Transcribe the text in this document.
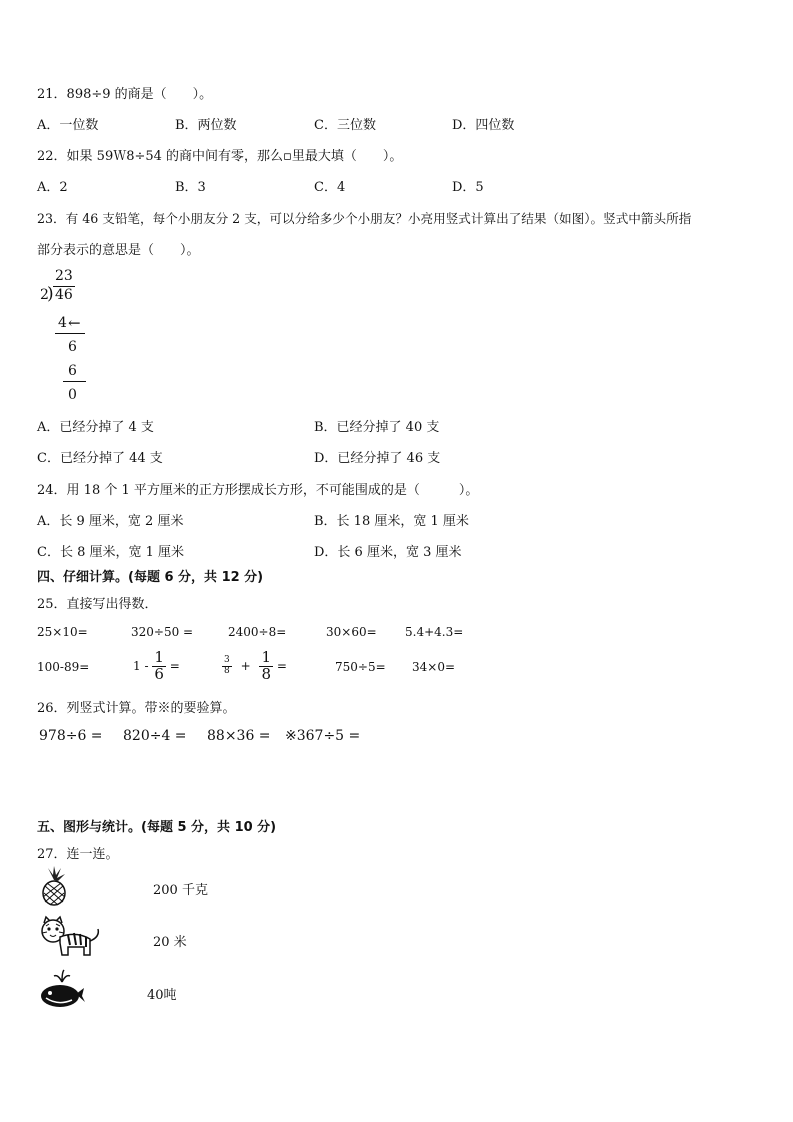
21．898÷9 的商是（　　）。
A．一位数	B．两位数	C．三位数	D．四位数
22．如果 59Ｗ8÷54 的商中间有零，那么▫里最大填（　　）。
A．2	B．3	C．4	D．5
23．有 46 支铅笔，每个小朋友分 2 支，可以分给多少个小朋友？小亮用竖式计算出了结果（如图）。竖式中箭头所指
部分表示的意思是（　　）。
23
2
) 46
4 ←
6
6
0
A．已经分掉了 4 支	B．已经分掉了 40 支
C．已经分掉了 44 支	D．已经分掉了 46 支
24．用 18 个 1 平方厘米的正方形摆成长方形，不可能围成的是（　　　）。
A．长 9 厘米，宽 2 厘米	B．长 18 厘米，宽 1 厘米
C．长 8 厘米，宽 1 厘米	D．长 6 厘米，宽 3 厘米
四、仔细计算。(每题 6 分，共 12 分)
25．直接写出得数．
25×10=	320÷50 =	2400÷8=	30×60= 5.4+4.3=
100-89=	$1 - \frac{1}{6}$ =	$\frac{3}{8} + \frac{1}{8}$ =	750÷5= 34×0=
26．列竖式计算。带※的要验算。
978÷6 = 820÷4 = 88×36 = ※367÷5 =
五、图形与统计。(每题 5 分，共 10 分)
27．连一连。
200 千克
20 米
40吨
